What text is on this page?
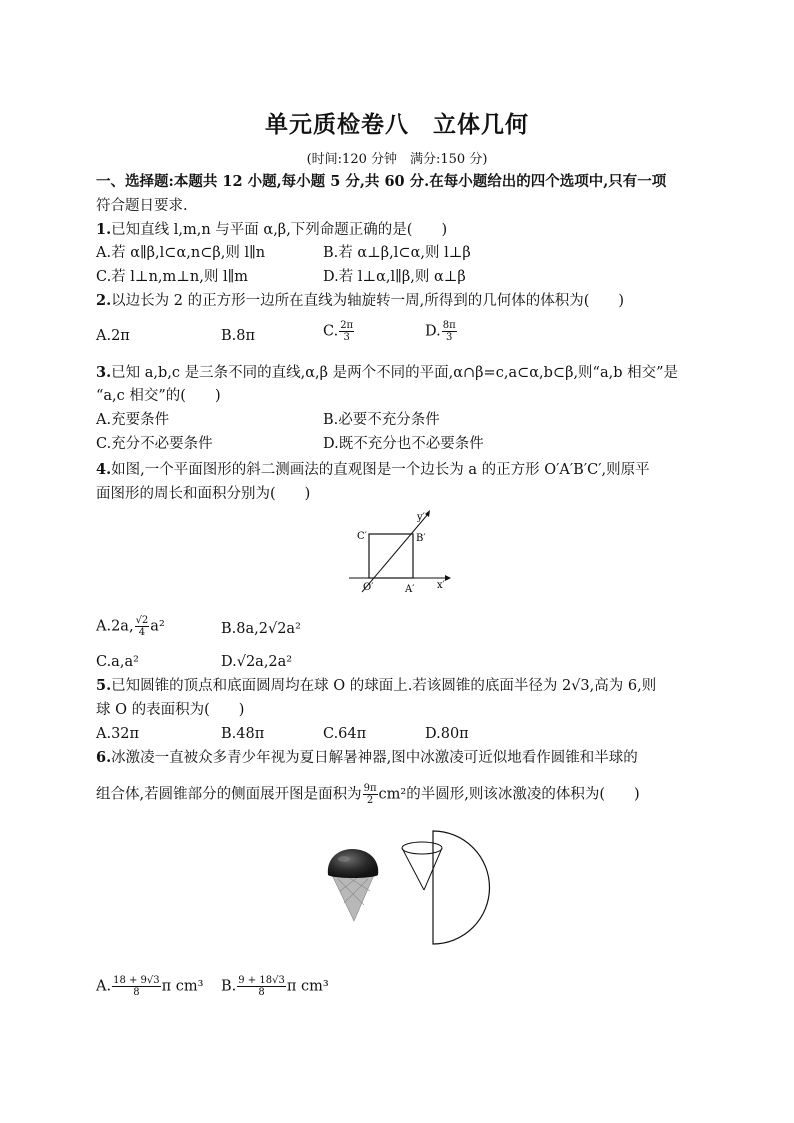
单元质检卷八　立体几何
(时间:120 分钟　满分:150 分)
一、选择题:本题共 12 小题,每小题 5 分,共 60 分.在每小题给出的四个选项中,只有一项
符合题日要求.
1.已知直线 l,m,n 与平面 α,β,下列命题正确的是(　　)
A.若 α∥β,l⊂α,n⊂β,则 l∥n	B.若 α⊥β,l⊂α,则 l⊥β
C.若 l⊥n,m⊥n,则 l∥m	D.若 l⊥α,l∥β,则 α⊥β
2.以边长为 2 的正方形一边所在直线为轴旋转一周,所得到的几何体的体积为(　　)
A.2π	B.8π	C. $\frac{2\pi}{3}$	D. $\frac{8\pi}{3}$
3.已知 a,b,c 是三条不同的直线,α,β 是两个不同的平面,α∩β=c,a⊂α,b⊂β,则“a,b 相交”是
“a,c 相交”的(　　)
A.充要条件	B.必要不充分条件
C.充分不必要条件	D.既不充分也不必要条件
4.如图,一个平面图形的斜二测画法的直观图是一个边长为 a 的正方形 O′A′B′C′,则原平
面图形的周长和面积分别为(　　)
C′	B′
O′	A′ x′
y′
A.2a, $\frac{√2}{4} a^2$	B.8a,2√2a²
C.a,a²	D.√2a,2a²
5.已知圆锥的顶点和底面圆周均在球 O 的球面上.若该圆锥的底面半径为 2√3,高为 6,则
球 O 的表面积为(　　)
A.32π	B.48π	C.64π	D.80π
6.冰激凌一直被众多青少年视为夏日解暑神器,图中冰激凌可近似地看作圆锥和半球的
组合体,若圆锥部分的侧面展开图是面积为 $\frac{9\pi}{2} cm^2$的半圆形,则该冰激凌的体积为(　　)
A. $\frac{18 + 9√3}{8}$ π cm³ B. $\frac{9 + 18√3}{8}$ π cm³
